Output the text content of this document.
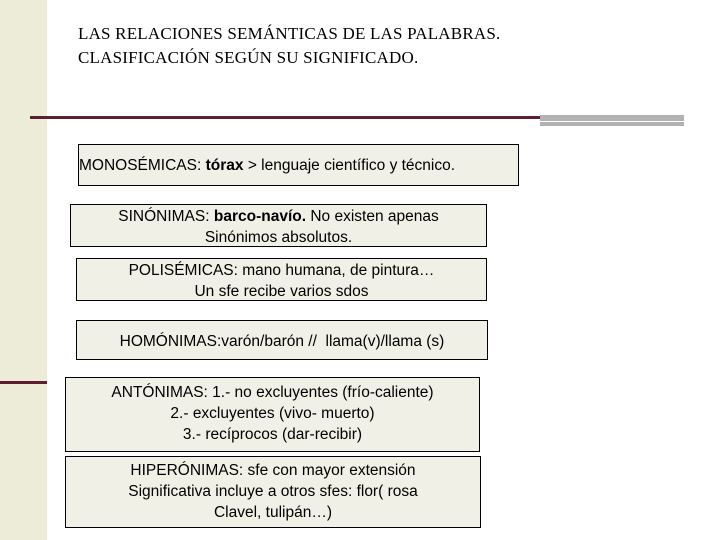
LAS RELACIONES SEMÁNTICAS DE LAS PALABRAS.
CLASIFICACIÓN SEGÚN SU SIGNIFICADO.
MONOSÉMICAS: tórax > lenguaje científico y técnico.
SINÓNIMAS: barco-navío. No existen apenas
Sinónimos absolutos.
POLISÉMICAS: mano humana, de pintura…
Un sfe recibe varios sdos
HOMÓNIMAS:varón/barón //  llama(v)/llama (s)
ANTÓNIMAS: 1.- no excluyentes (frío-caliente)
2.- excluyentes (vivo- muerto)
3.- recíprocos (dar-recibir)
HIPERÓNIMAS: sfe con mayor extensión
Significativa incluye a otros sfes: flor( rosa
Clavel, tulipán…)
